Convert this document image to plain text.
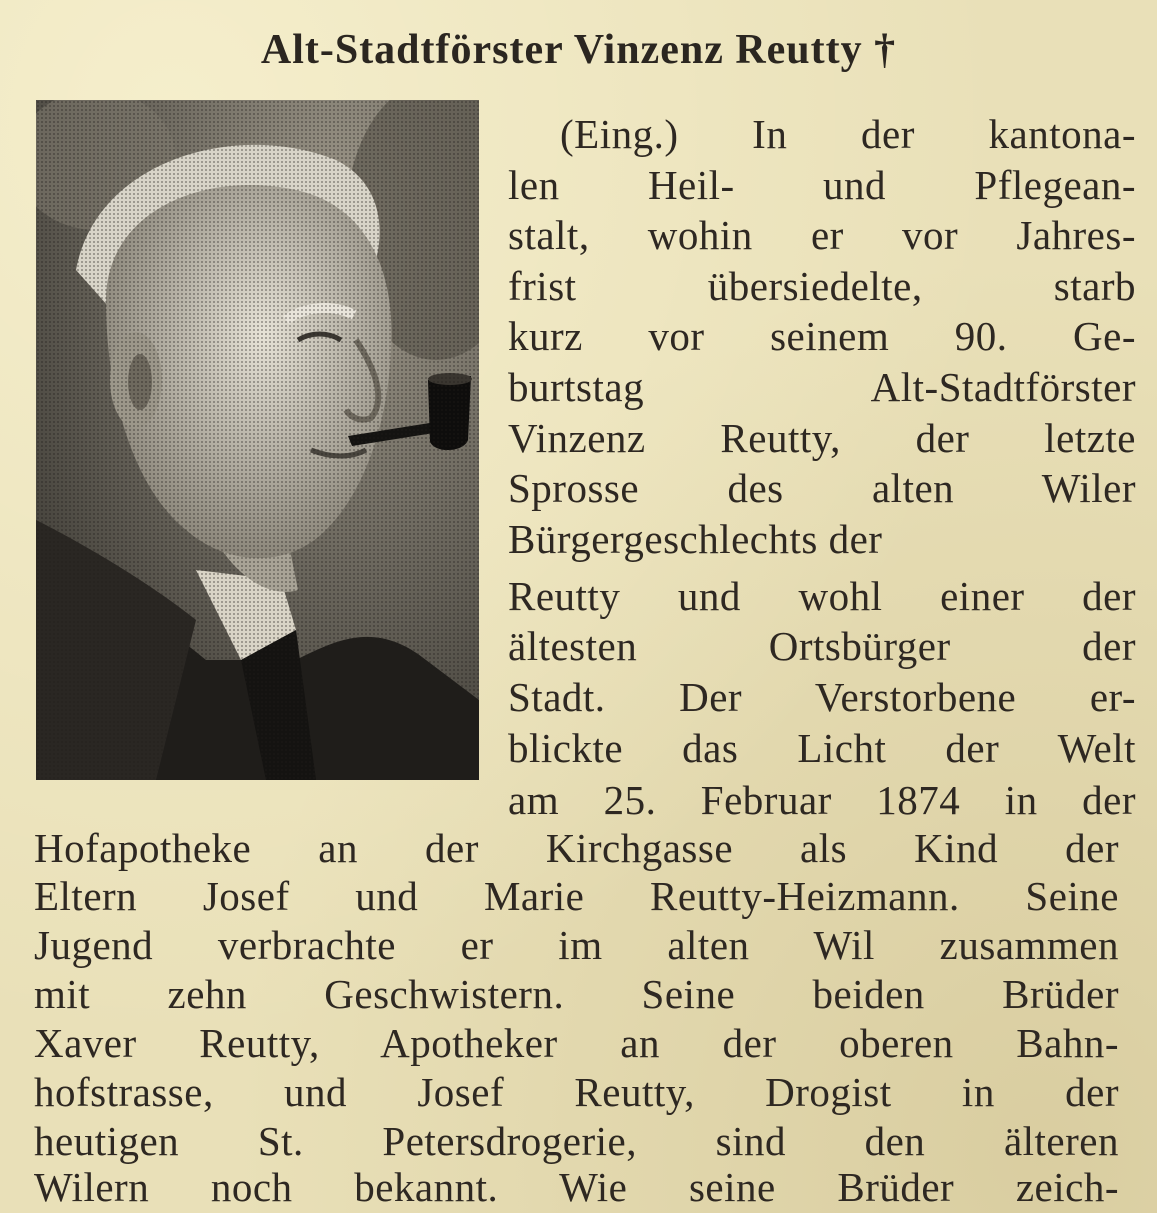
Alt-Stadtförster Vinzenz Reutty †
(Eing.) In der kantona-
len Heil- und Pflegean-
stalt, wohin er vor Jahres-
frist übersiedelte, starb
kurz vor seinem 90. Ge-
burtstag Alt-Stadtförster
Vinzenz Reutty, der letzte
Sprosse des alten Wiler
Bürgergeschlechts der
Reutty und wohl einer der
ältesten Ortsbürger der
Stadt. Der Verstorbene er-
blickte das Licht der Welt
am 25. Februar 1874 in der
Hofapotheke an der Kirchgasse als Kind der
Eltern Josef und Marie Reutty-Heizmann. Seine
Jugend verbrachte er im alten Wil zusammen
mit zehn Geschwistern. Seine beiden Brüder
Xaver Reutty, Apotheker an der oberen Bahn-
hofstrasse, und Josef Reutty, Drogist in der
heutigen St. Petersdrogerie, sind den älteren
Wilern noch bekannt. Wie seine Brüder zeich-
